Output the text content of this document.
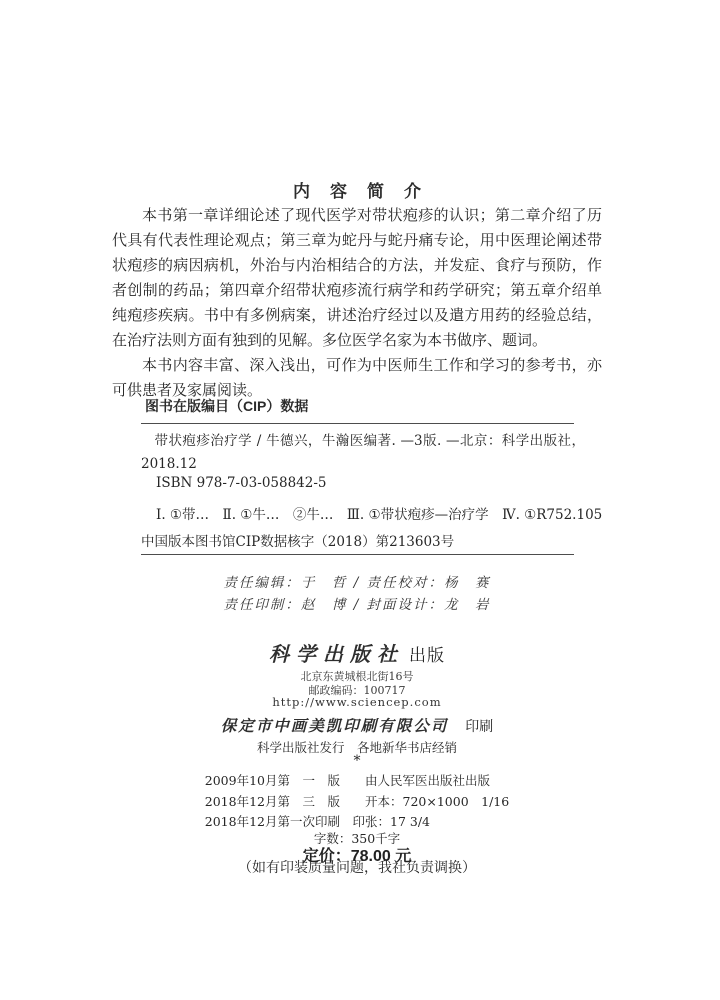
内容简介

本书第一章详细论述了现代医学对带状疱疹的认识；第二章介绍了历代具有代表性理论观点；第三章为蛇丹与蛇丹痛专论，用中医理论阐述带状疱疹的病因病机，外治与内治相结合的方法，并发症、食疗与预防，作者创制的药品；第四章介绍带状疱疹流行病学和药学研究；第五章介绍单纯疱疹疾病。书中有多例病案，讲述治疗经过以及遣方用药的经验总结，在治疗法则方面有独到的见解。多位医学名家为本书做序、题词。

本书内容丰富、深入浅出，可作为中医师生工作和学习的参考书，亦可供患者及家属阅读。

图书在版编目（CIP）数据
带状疱疹治疗学 / 牛德兴，牛瀚医编著. —3版. —北京：科学出版社，2018.12
ISBN 978-7-03-058842-5
Ⅰ. ①带…　Ⅱ. ①牛…　②牛…　Ⅲ. ①带状疱疹—治疗学　Ⅳ. ①R752.105
中国版本图书馆CIP数据核字（2018）第213603号
责任编辑：于　哲 / 责任校对：杨　赛
责任印制：赵　博 / 封面设计：龙　岩
科学出版社 出版
北京东黄城根北街16号
邮政编码：100717
http://www.sciencep.com
保定市中画美凯印刷有限公司 印刷
科学出版社发行　各地新华书店经销
*
2009年10月第　一　版　　由人民军医出版社出版
2018年12月第　三　版　　开本：720×1000　1/16
2018年12月第一次印刷　印张：17 3/4
字数：350千字
定价：78.00 元
（如有印装质量问题，我社负责调换）
